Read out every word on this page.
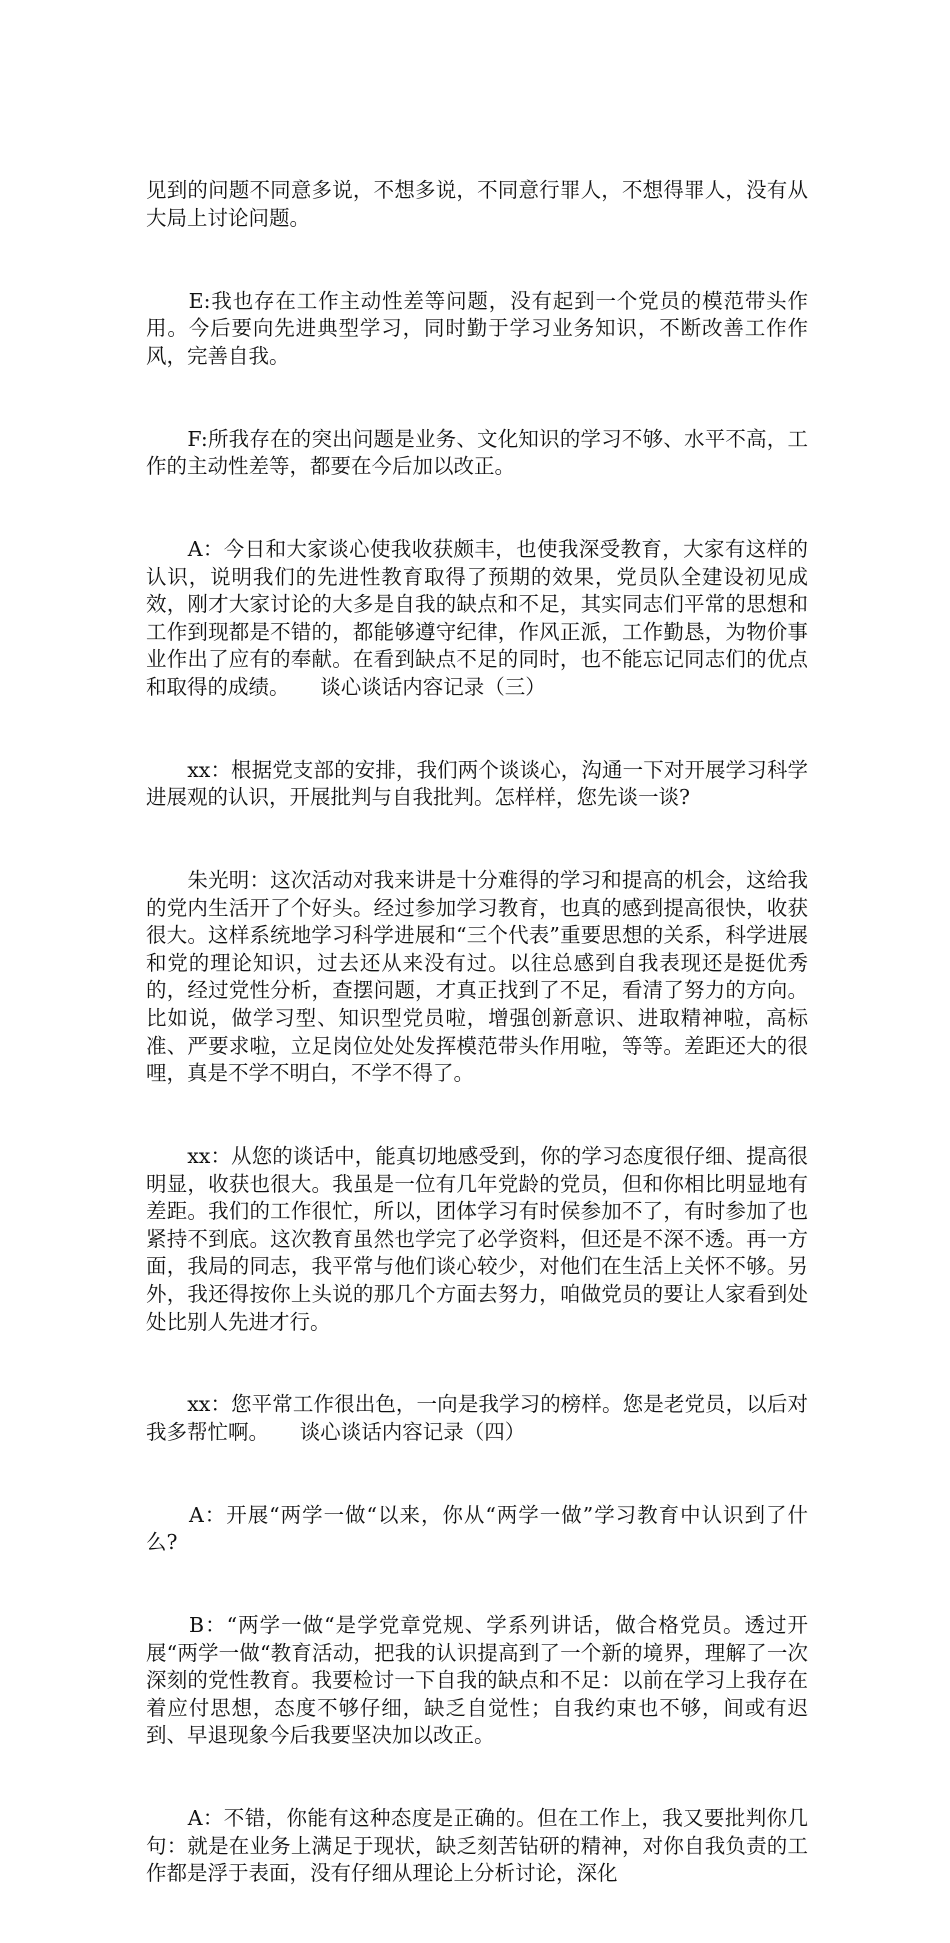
见到的问题不同意多说，不想多说，不同意行罪人，不想得罪人，没有从大局上讨论问题。

　　E:我也存在工作主动性差等问题，没有起到一个党员的模范带头作用。今后要向先进典型学习，同时勤于学习业务知识，不断改善工作作风，完善自我。

　　F:所我存在的突出问题是业务、文化知识的学习不够、水平不高，工作的主动性差等，都要在今后加以改正。

　　A：今日和大家谈心使我收获颇丰，也使我深受教育，大家有这样的认识，说明我们的先进性教育取得了预期的效果，党员队全建设初见成效，刚才大家讨论的大多是自我的缺点和不足，其实同志们平常的思想和工作到现都是不错的，都能够遵守纪律，作风正派，工作勤恳，为物价事业作出了应有的奉献。在看到缺点不足的同时，也不能忘记同志们的优点和取得的成绩。　　谈心谈话内容记录（三）

　　xx：根据党支部的安排，我们两个谈谈心，沟通一下对开展学习科学进展观的认识，开展批判与自我批判。怎样样，您先谈一谈?

　　朱光明：这次活动对我来讲是十分难得的学习和提高的机会，这给我的党内生活开了个好头。经过参加学习教育，也真的感到提高很快，收获很大。这样系统地学习科学进展和“三个代表”重要思想的关系，科学进展和党的理论知识，过去还从来没有过。以往总感到自我表现还是挺优秀的，经过党性分析，查摆问题，才真正找到了不足，看清了努力的方向。比如说，做学习型、知识型党员啦，增强创新意识、进取精神啦，高标准、严要求啦，立足岗位处处发挥模范带头作用啦，等等。差距还大的很哩，真是不学不明白，不学不得了。

　　xx：从您的谈话中，能真切地感受到，你的学习态度很仔细、提高很明显，收获也很大。我虽是一位有几年党龄的党员，但和你相比明显地有差距。我们的工作很忙，所以，团体学习有时侯参加不了，有时参加了也紧持不到底。这次教育虽然也学完了必学资料，但还是不深不透。再一方面，我局的同志，我平常与他们谈心较少，对他们在生活上关怀不够。另外，我还得按你上头说的那几个方面去努力，咱做党员的要让人家看到处处比别人先进才行。

　　xx：您平常工作很出色，一向是我学习的榜样。您是老党员，以后对我多帮忙啊。　　谈心谈话内容记录（四）

　　A：开展“两学一做“以来，你从“两学一做”学习教育中认识到了什么?

　　B：“两学一做“是学党章党规、学系列讲话，做合格党员。透过开展“两学一做“教育活动，把我的认识提高到了一个新的境界，理解了一次深刻的党性教育。我要检讨一下自我的缺点和不足：以前在学习上我存在着应付思想，态度不够仔细，缺乏自觉性；自我约束也不够，间或有迟到、早退现象今后我要坚决加以改正。

　　A：不错，你能有这种态度是正确的。但在工作上，我又要批判你几句：就是在业务上满足于现状，缺乏刻苦钻研的精神，对你自我负责的工作都是浮于表面，没有仔细从理论上分析讨论，深化
